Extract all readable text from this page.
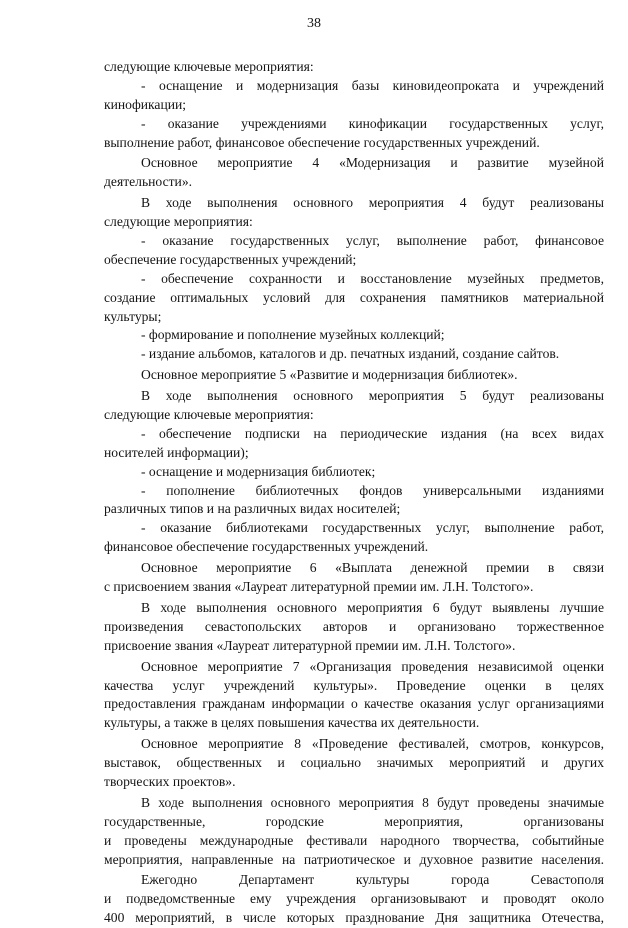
38
следующие ключевые мероприятия:
- оснащение и модернизация базы киновидеопроката и учреждений
кинофикации;
- оказание учреждениями кинофикации государственных услуг,
выполнение работ, финансовое обеспечение государственных учреждений.
Основное мероприятие 4 «Модернизация и развитие музейной
деятельности».
В ходе выполнения основного мероприятия 4 будут реализованы
следующие мероприятия:
- оказание государственных услуг, выполнение работ, финансовое
обеспечение государственных учреждений;
- обеспечение сохранности и восстановление музейных предметов,
создание оптимальных условий для сохранения памятников материальной
культуры;
- формирование и пополнение музейных коллекций;
- издание альбомов, каталогов и др. печатных изданий, создание сайтов.
Основное мероприятие 5 «Развитие и модернизация библиотек».
В ходе выполнения основного мероприятия 5 будут реализованы
следующие ключевые мероприятия:
- обеспечение подписки на периодические издания (на всех видах
носителей информации);
- оснащение и модернизация библиотек;
- пополнение библиотечных фондов универсальными изданиями
различных типов и на различных видах носителей;
- оказание библиотеками государственных услуг, выполнение работ,
финансовое обеспечение государственных учреждений.
Основное мероприятие 6 «Выплата денежной премии в связи
с присвоением звания «Лауреат литературной премии им. Л.Н. Толстого».
В ходе выполнения основного мероприятия 6 будут выявлены лучшие
произведения севастопольских авторов и организовано торжественное
присвоение звания «Лауреат литературной премии им. Л.Н. Толстого».
Основное мероприятие 7 «Организация проведения независимой оценки
качества услуг учреждений культуры». Проведение оценки в целях
предоставления гражданам информации о качестве оказания услуг организациями
культуры, а также в целях повышения качества их деятельности.
Основное мероприятие 8 «Проведение фестивалей, смотров, конкурсов,
выставок, общественных и социально значимых мероприятий и других
творческих проектов».
В ходе выполнения основного мероприятия 8 будут проведены значимые
государственные, городские мероприятия, организованы
и проведены международные фестивали народного творчества, событийные
мероприятия, направленные на патриотическое и духовное развитие населения.
Ежегодно Департамент культуры города Севастополя
и подведомственные ему учреждения организовывают и проводят около
400 мероприятий, в числе которых празднование Дня защитника Отечества,
